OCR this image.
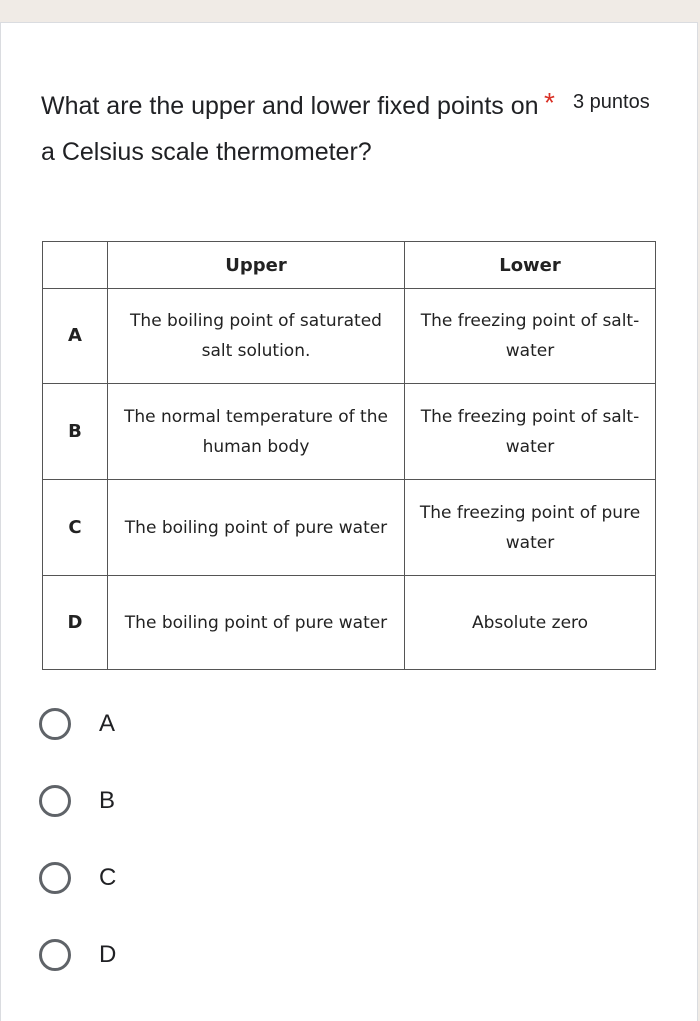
What are the upper and lower fixed points on a Celsius scale thermometer?
* 3 puntos
	Upper	Lower
A	The boiling point of saturated salt solution.	The freezing point of salt-water
B	The normal temperature of the human body	The freezing point of salt-water
C	The boiling point of pure water	The freezing point of pure water
D	The boiling point of pure water	Absolute zero
A
B
C
D
